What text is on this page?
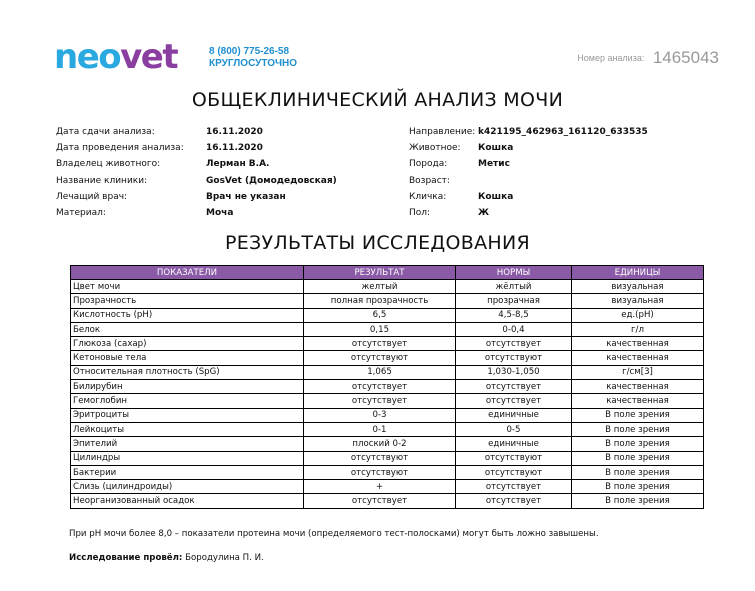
neo vet	8 (800) 775-26-58
КРУГЛОСУТОЧНО	Номер анализа: 1465043
ОБЩЕКЛИНИЧЕСКИЙ АНАЛИЗ МОЧИ
Дата сдачи анализа:	16.11.2020
Дата проведения анализа:	16.11.2020
Владелец животного:	Лерман В.А.
Название клиники:	GosVet (Домодедовская)
Лечащий врач:	Врач не указан
Материал:	Моча
Направление: k421195_462963_161120_633535
Животное:	Кошка
Порода:	Метис
Возраст:
Кличка:	Кошка
Пол:	Ж
РЕЗУЛЬТАТЫ ИССЛЕДОВАНИЯ
ПОКАЗАТЕЛИ	РЕЗУЛЬТАТ	НОРМЫ	ЕДИНИЦЫ
Цвет мочи	желтый	жёлтый	визуальная
Прозрачность	полная прозрачность	прозрачная	визуальная
Кислотность (pH)	6,5	4,5-8,5	ед.(pH)
Белок	0,15	0-0,4	г/л
Глюкоза (сахар)	отсутствует	отсутствует	качественная
Кетоновые тела	отсутствуют	отсутствуют	качественная
Относительная плотность (SpG)	1,065	1,030-1,050	г/см[3]
Билирубин	отсутствует	отсутствует	качественная
Гемоглобин	отсутствует	отсутствует	качественная
Эритроциты	0-3	единичные	В поле зрения
Лейкоциты	0-1	0-5	В поле зрения
Эпителий	плоский 0-2	единичные	В поле зрения
Цилиндры	отсутствуют	отсутствуют	В поле зрения
Бактерии	отсутствуют	отсутствуют	В поле зрения
Слизь (цилиндроиды)	+	отсутствует	В поле зрения
Неорганизованный осадок	отсутствует	отсутствует	В поле зрения
При pH мочи более 8,0 – показатели протеина мочи (определяемого тест-полосками) могут быть ложно завышены.
Исследование провёл: Бородулина П. И.
